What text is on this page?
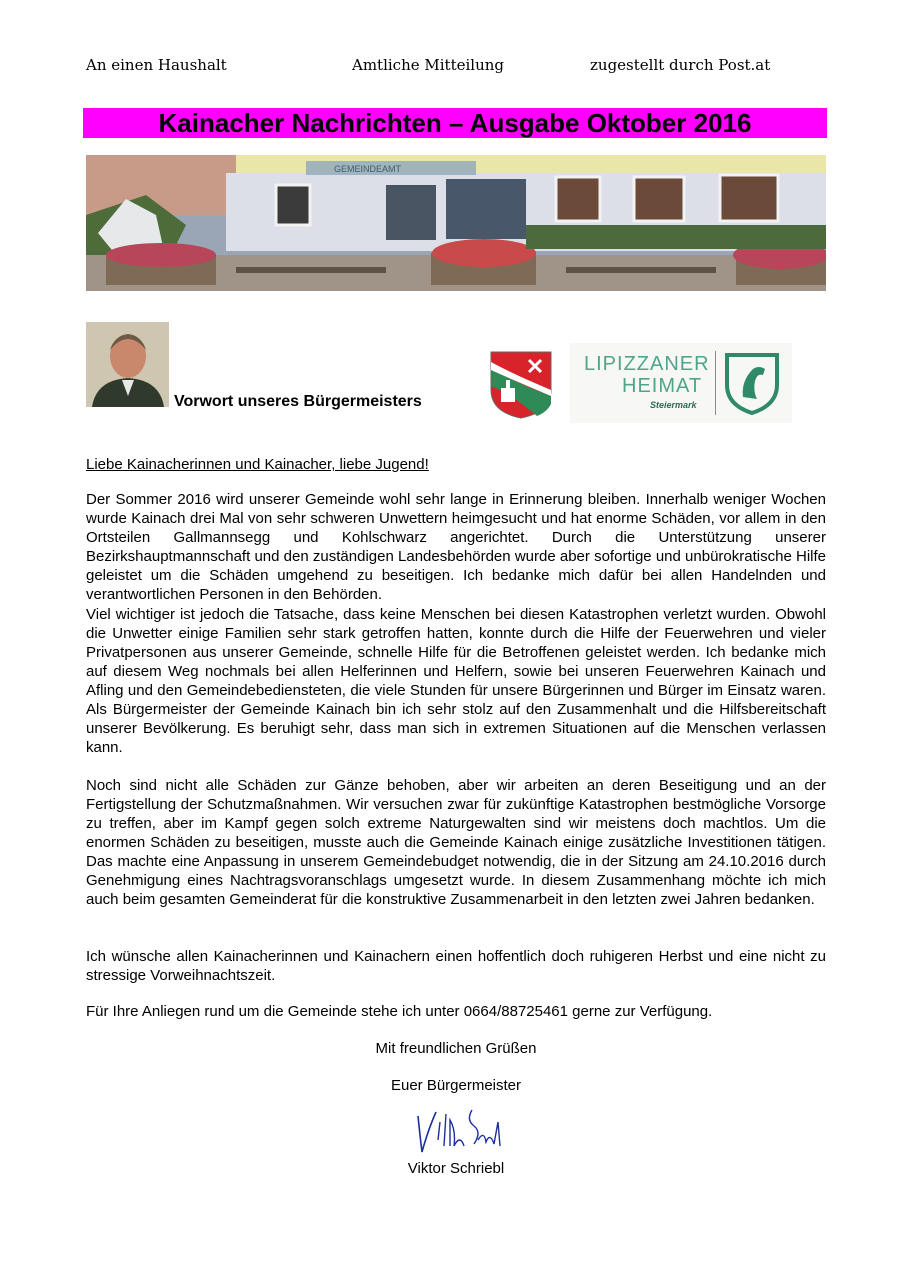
An einen Haushalt	Amtliche Mitteilung	zugestellt durch Post.at
Kainacher Nachrichten – Ausgabe Oktober 2016
GEMEINDEAMT
Vorwort unseres Bürgermeisters
LIPIZZANER
HEIMAT
Steiermark
Liebe Kainacherinnen und Kainacher, liebe Jugend!
Der Sommer 2016 wird unserer Gemeinde wohl sehr lange in Erinnerung bleiben. Innerhalb weniger Wochen wurde Kainach drei Mal von sehr schweren Unwettern heimgesucht und hat enorme Schäden, vor allem in den Ortsteilen Gallmannsegg und Kohlschwarz angerichtet. Durch die Unterstützung unserer Bezirkshauptmannschaft und den zuständigen Landesbehörden wurde aber sofortige und unbürokratische Hilfe geleistet um die Schäden umgehend zu beseitigen. Ich bedanke mich dafür bei allen Handelnden und verantwortlichen Personen in den Behörden.
Viel wichtiger ist jedoch die Tatsache, dass keine Menschen bei diesen Katastrophen verletzt wurden. Obwohl die Unwetter einige Familien sehr stark getroffen hatten, konnte durch die Hilfe der Feuerwehren und vieler Privatpersonen aus unserer Gemeinde, schnelle Hilfe für die Betroffenen geleistet werden. Ich bedanke mich auf diesem Weg nochmals bei allen Helferinnen und Helfern, sowie bei unseren Feuerwehren Kainach und Afling und den Gemeindebediensteten, die viele Stunden für unsere Bürgerinnen und Bürger im Einsatz waren. Als Bürgermeister der Gemeinde Kainach bin ich sehr stolz auf den Zusammenhalt und die Hilfsbereitschaft unserer Bevölkerung. Es beruhigt sehr, dass man sich in extremen Situationen auf die Menschen verlassen kann.
Noch sind nicht alle Schäden zur Gänze behoben, aber wir arbeiten an deren Beseitigung und an der Fertigstellung der Schutzmaßnahmen. Wir versuchen zwar für zukünftige Katastrophen bestmögliche Vorsorge zu treffen, aber im Kampf gegen solch extreme Naturgewalten sind wir meistens doch machtlos. Um die enormen Schäden zu beseitigen, musste auch die Gemeinde Kainach einige zusätzliche Investitionen tätigen. Das machte eine Anpassung in unserem Gemeindebudget notwendig, die in der Sitzung am 24.10.2016 durch Genehmigung eines Nachtragsvoranschlags umgesetzt wurde. In diesem Zusammenhang möchte ich mich auch beim gesamten Gemeinderat für die konstruktive Zusammenarbeit in den letzten zwei Jahren bedanken.
Ich wünsche allen Kainacherinnen und Kainachern einen hoffentlich doch ruhigeren Herbst und eine nicht zu stressige Vorweihnachtszeit.
Für Ihre Anliegen rund um die Gemeinde stehe ich unter 0664/88725461 gerne zur Verfügung.
Mit freundlichen Grüßen
Euer Bürgermeister
Viktor Schriebl
